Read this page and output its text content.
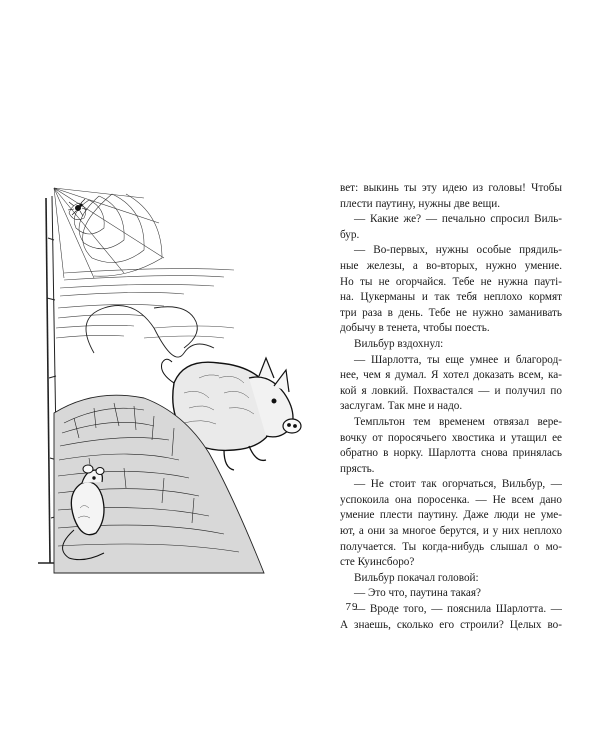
вет: выкинь ты эту идею из головы! Чтобы
плести паутину, нужны две вещи.
— Какие же? — печально спросил Виль-
бур.
— Во-первых, нужны особые прядиль-
ные железы, а во-вторых, нужно умение.
Но ты не огорчайся. Тебе не нужна пауті-
на. Цукерманы и так тебя неплохо кормят
три раза в день. Тебе не нужно заманивать
добычу в тенета, чтобы поесть.
Вильбур вздохнул:
— Шарлотта, ты еще умнее и благород-
нее, чем я думал. Я хотел доказать всем, ка-
кой я ловкий. Похвастался — и получил по
заслугам. Так мне и надо.
Темпльтон тем временем отвязал вере-
вочку от поросячьего хвостика и утащил ее
обратно в норку. Шарлотта снова принялась
прясть.
— Не стоит так огорчаться, Вильбур, —
успокоила она поросенка. — Не всем дано
умение плести паутину. Даже люди не уме-
ют, а они за многое берутся, и у них неплохо
получается. Ты когда-нибудь слышал о мо-
сте Куинсборо?
Вильбур покачал головой:
— Это что, паутина такая?
— Вроде того, — пояснила Шарлотта. —
А знаешь, сколько его строили? Целых во-
79
